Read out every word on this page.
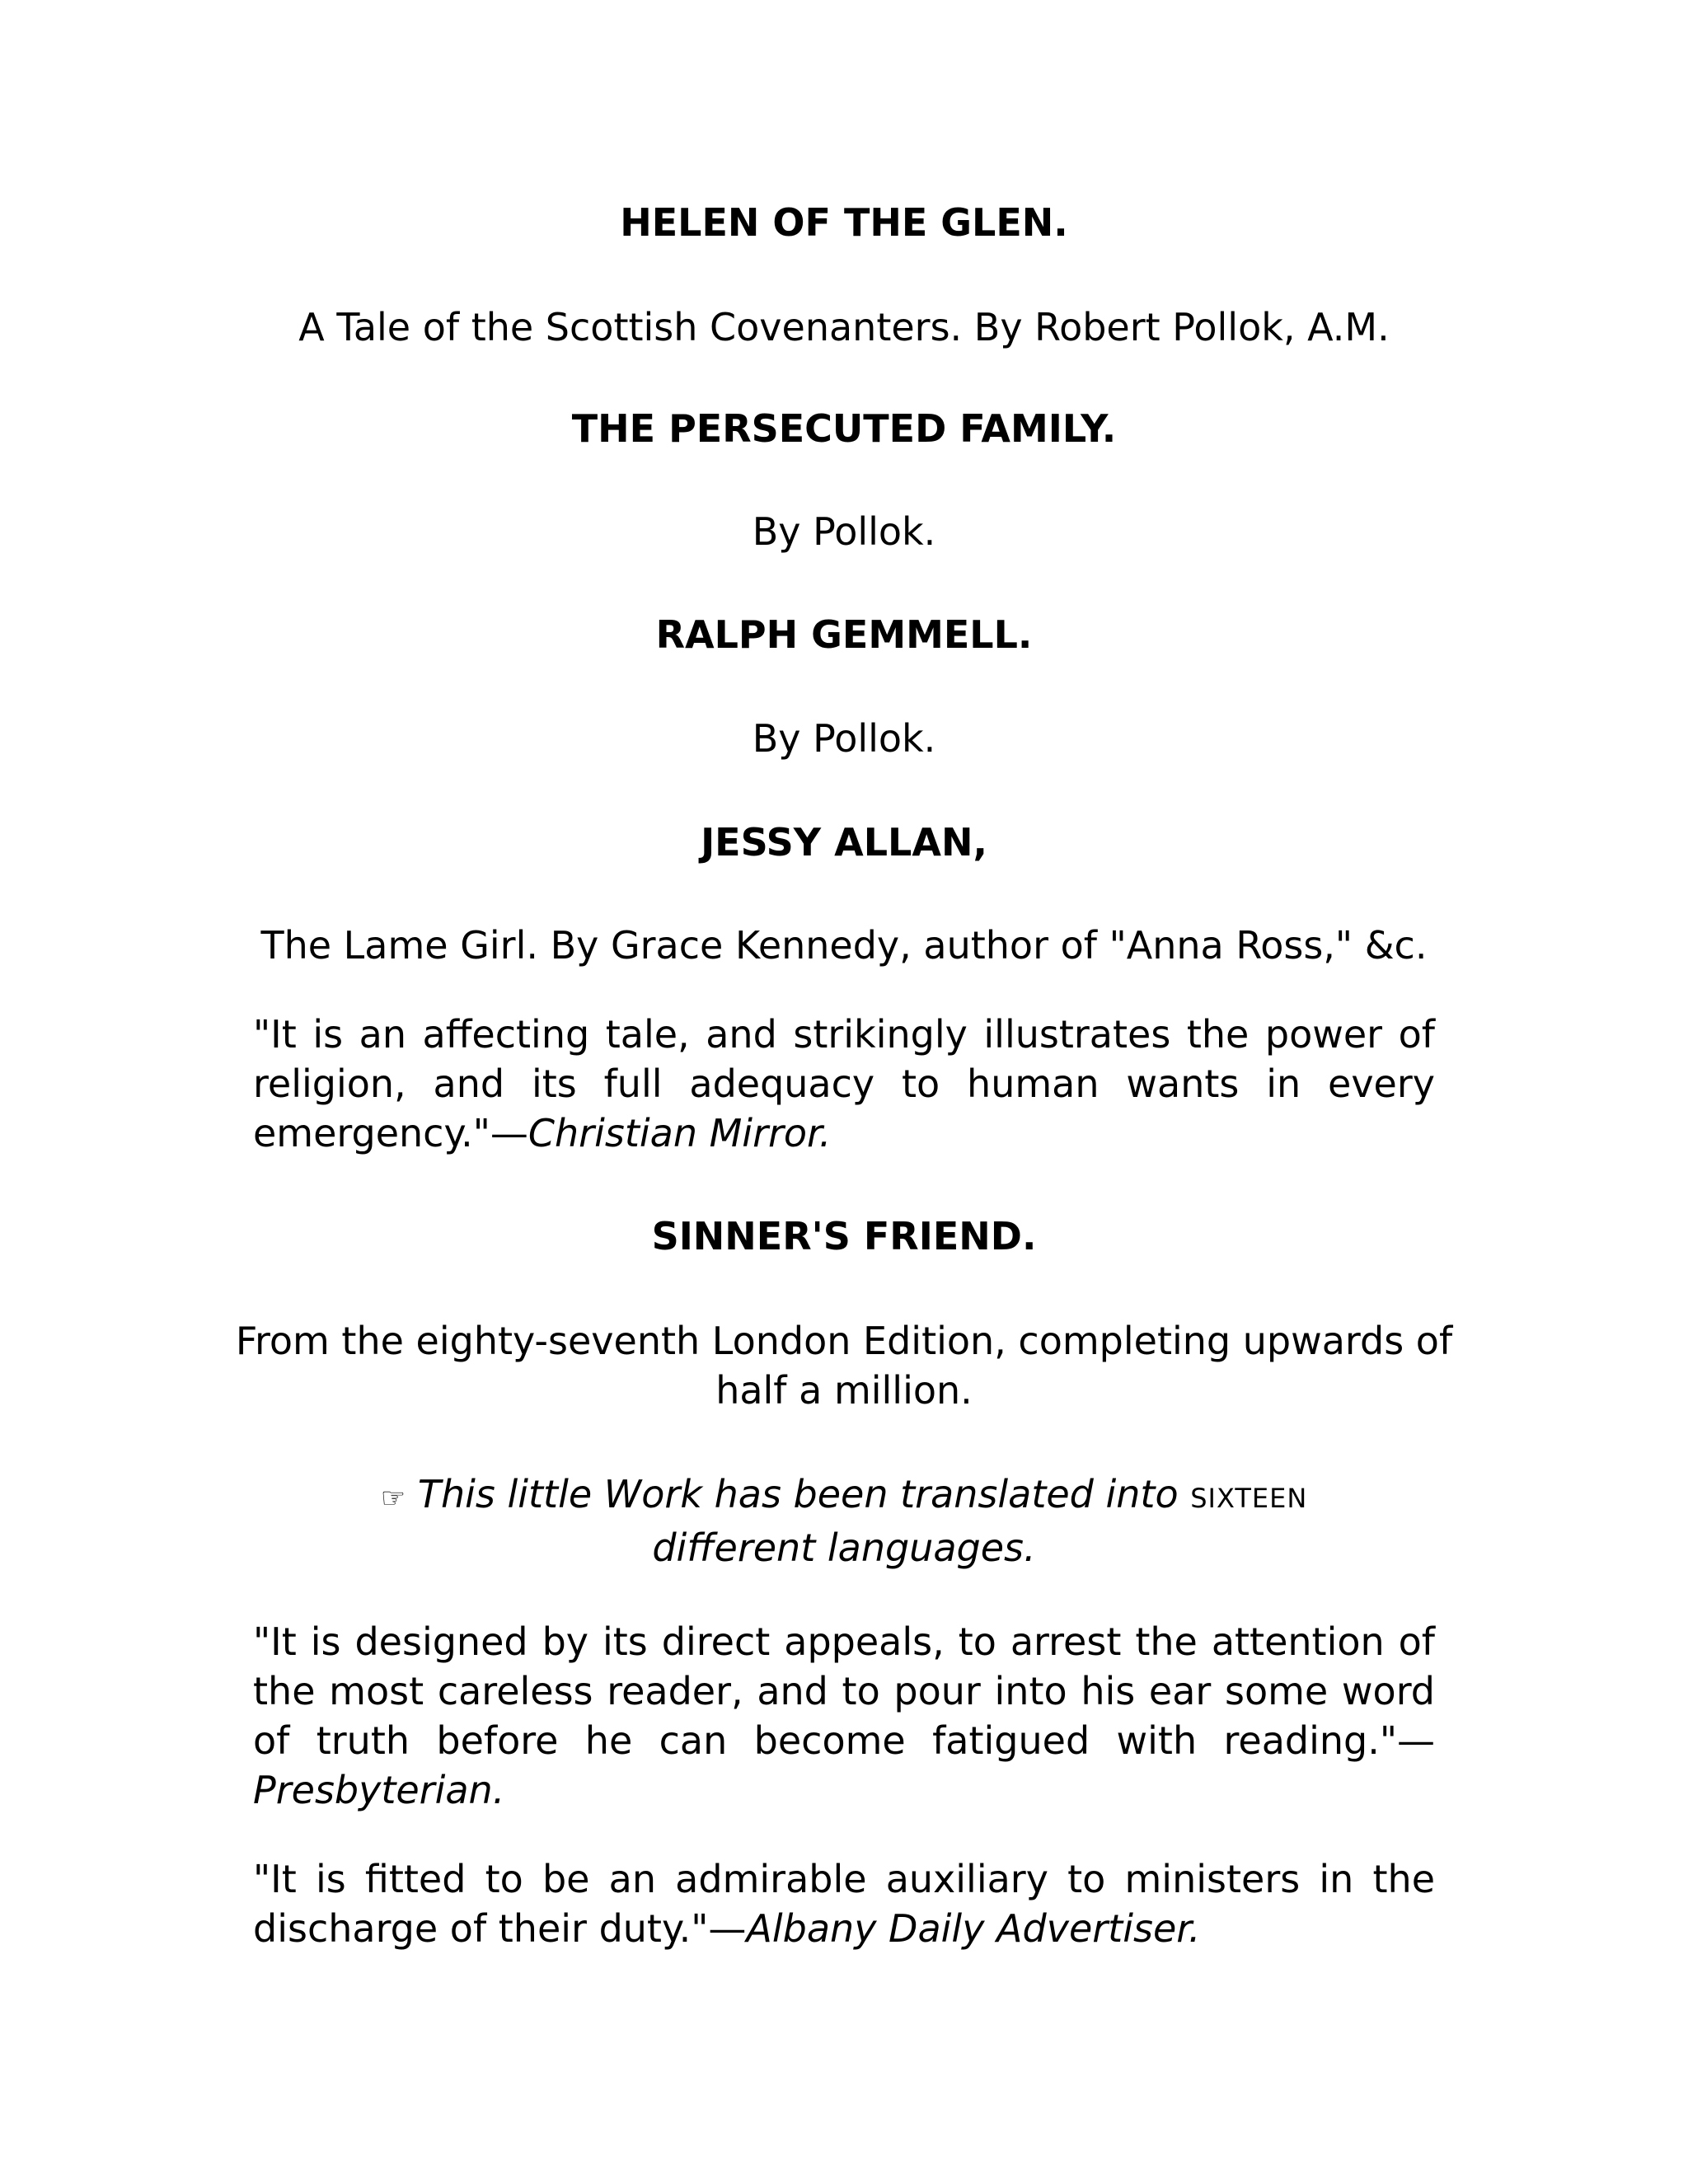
HELEN OF THE GLEN.

A Tale of the Scottish Covenanters. By Robert Pollok, A.M.

THE PERSECUTED FAMILY.

By Pollok.

RALPH GEMMELL.

By Pollok.

JESSY ALLAN,

The Lame Girl. By Grace Kennedy, author of "Anna Ross," &c.

"It is an affecting tale, and strikingly illustrates the power of religion, and its full adequacy to human wants in every emergency."—Christian Mirror.

SINNER'S FRIEND.

From the eighty-seventh London Edition, completing upwards of half a million.

☞ This little Work has been translated into SIXTEEN different languages.

"It is designed by its direct appeals, to arrest the attention of the most careless reader, and to pour into his ear some word of truth before he can become fatigued with reading."—Presbyterian.

"It is fitted to be an admirable auxiliary to ministers in the discharge of their duty."—Albany Daily Advertiser.
